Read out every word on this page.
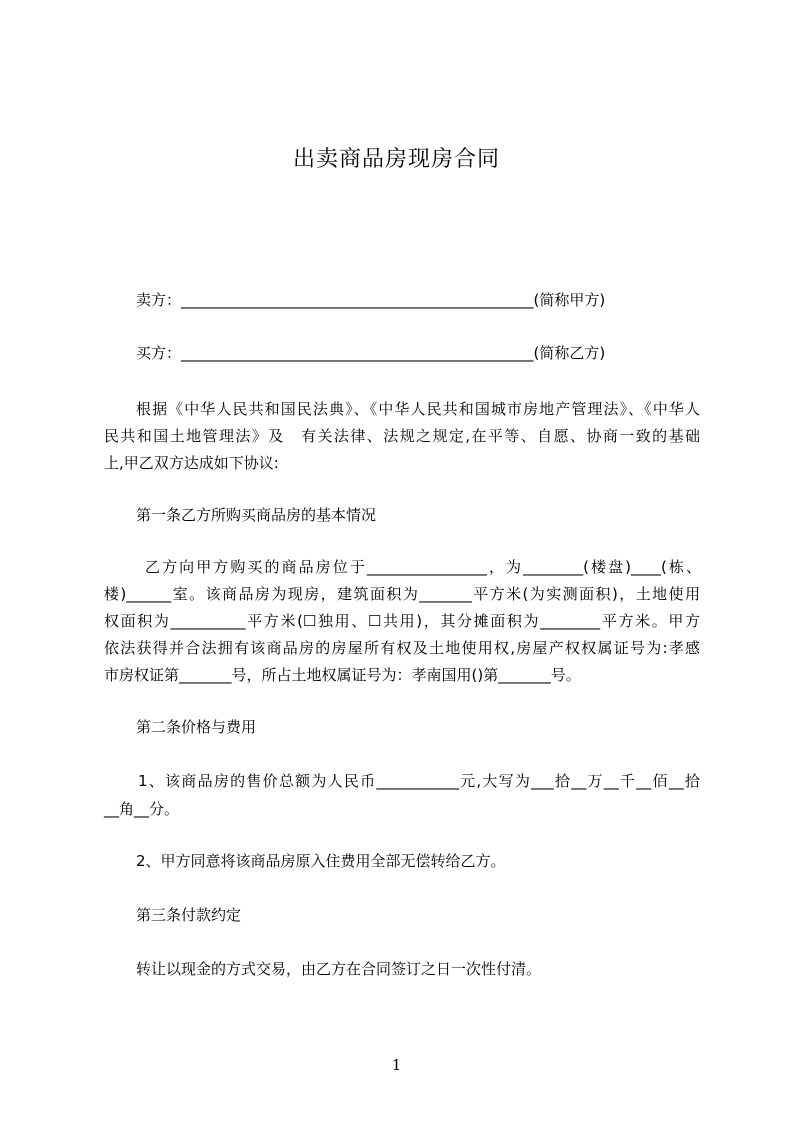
出卖商品房现房合同
卖方：_______________________________________________(简称甲方)
买方：_______________________________________________(简称乙方)
根据《中华人民共和国民法典》、《中华人民共和国城市房地产管理法》、《中华人
民共和国土地管理法》及　有关法律、法规之规定,在平等、自愿、协商一致的基础
上,甲乙双方达成如下协议:
第一条乙方所购买商品房的基本情况
乙方向甲方购买的商品房位于________________，为________(楼盘)____(栋、
楼)______室。该商品房为现房，建筑面积为_______平方米(为实测面积)，土地使用
权面积为__________平方米(☐独用、☐共用)，其分摊面积为________平方米。甲方
依法获得并合法拥有该商品房的房屋所有权及土地使用权,房屋产权权属证号为:孝感
市房权证第_______号，所占土地权属证号为：孝南国用()第_______号。
第二条价格与费用
1、该商品房的售价总额为人民币___________元,大写为___拾__万__千__佰__拾
__角__分。
2、甲方同意将该商品房原入住费用全部无偿转给乙方。
第三条付款约定
转让以现金的方式交易，由乙方在合同签订之日一次性付清。
1
